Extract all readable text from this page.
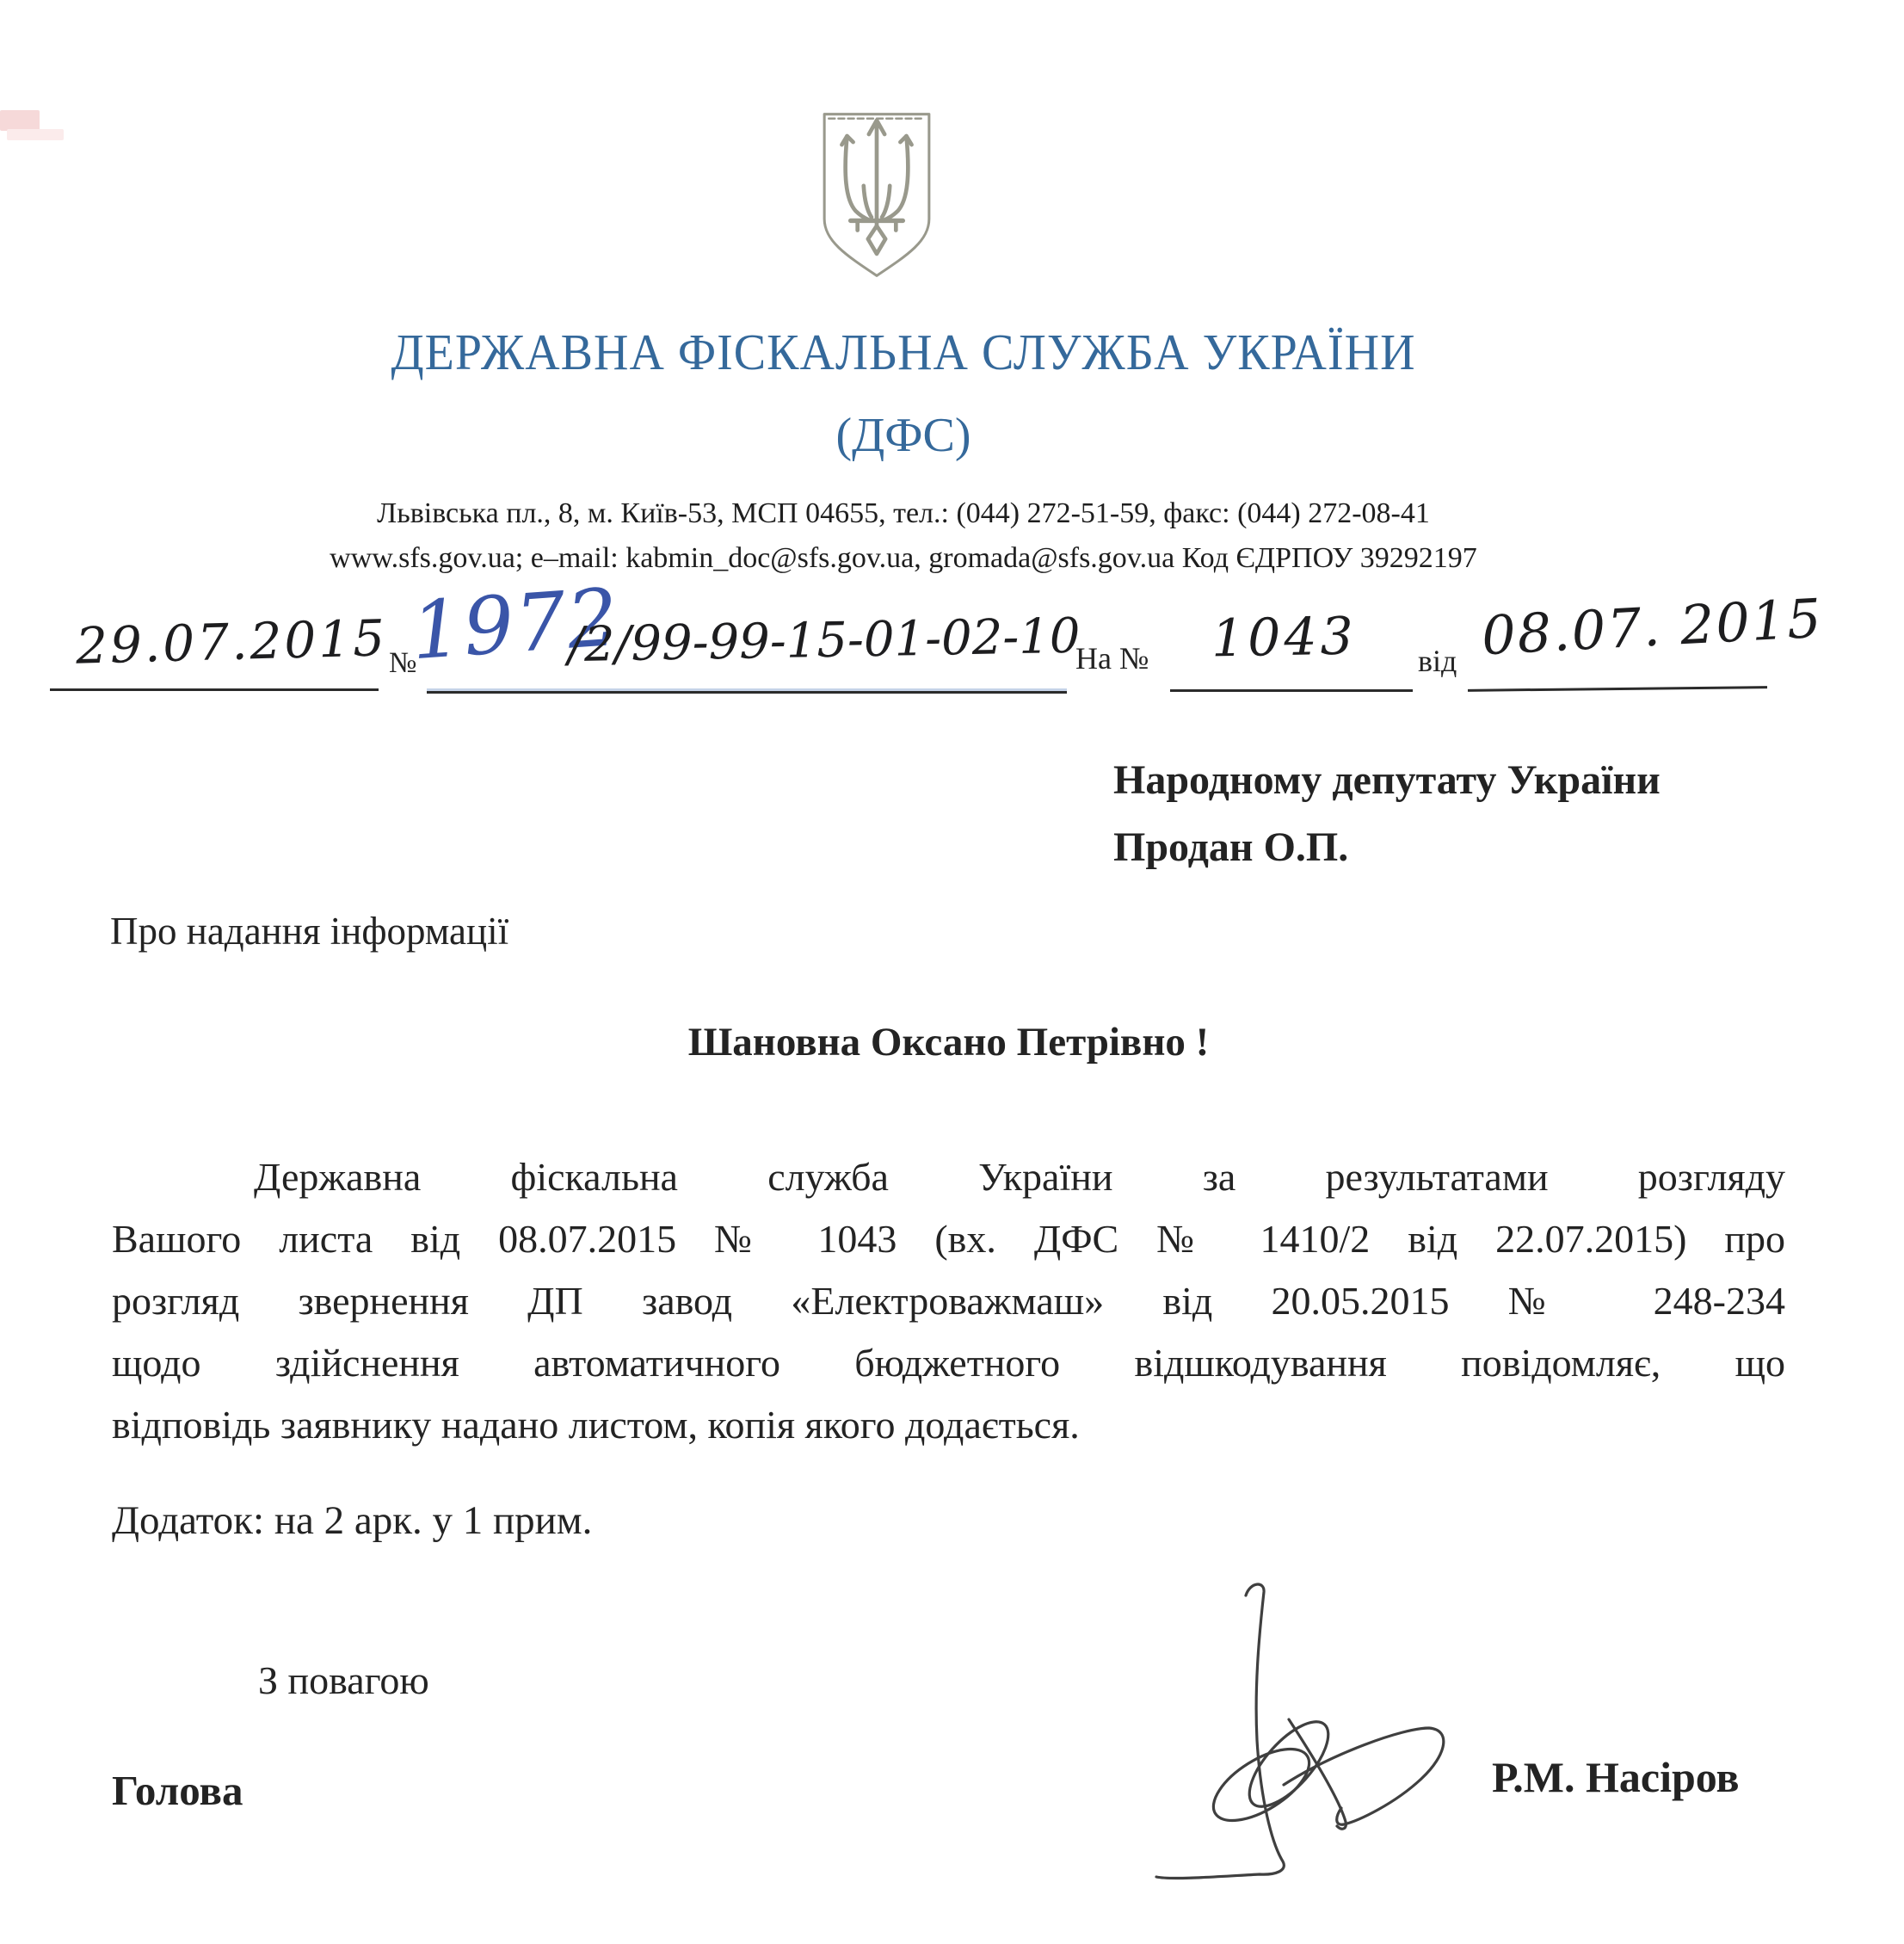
ДЕРЖАВНА ФІСКАЛЬНА СЛУЖБА УКРАЇНИ
(ДФС)
Львівська пл., 8, м. Київ-53, МСП 04655, тел.: (044) 272-51-59, факс: (044) 272-08-41
www.sfs.gov.ua; e–mail: kabmin_doc@sfs.gov.ua, gromada@sfs.gov.ua Код ЄДРПОУ 39292197
29.07.2015 №
1972
/2/99-99-15-01-02-10
На № 1043 від 08.07. 2015
Народному депутату України
Продан О.П.
Про надання інформації
Шановна Оксано Петрівно !
Державна фіскальна служба України за результатами розгляду
Вашого листа від 08.07.2015 № 1043 (вх. ДФС № 1410/2 від 22.07.2015) про
розгляд звернення ДП завод «Електроважмаш» від 20.05.2015 № 248-234
щодо здійснення автоматичного бюджетного відшкодування повідомляє, що
відповідь заявнику надано листом, копія якого додається.
Додаток: на 2 арк. у 1 прим.
З повагою
Голова	Р.М. Насіров
